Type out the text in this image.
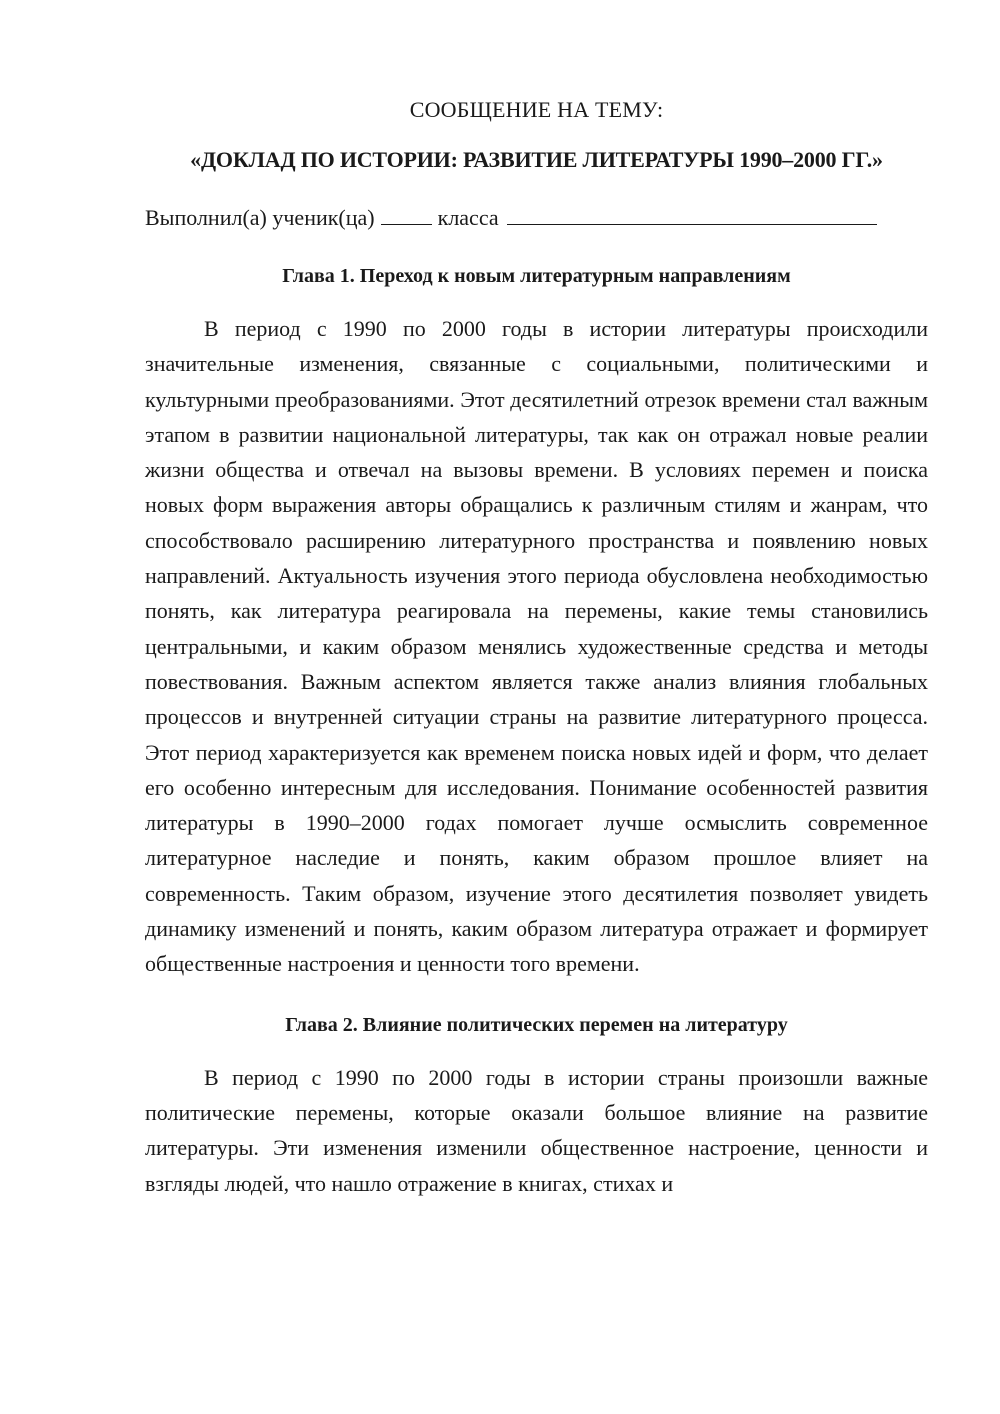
СООБЩЕНИЕ НА ТЕМУ:

«ДОКЛАД ПО ИСТОРИИ: РАЗВИТИЕ ЛИТЕРАТУРЫ 1990–2000 ГГ.»

Выполнил(а) ученик(ца)	класса

Глава 1. Переход к новым литературным направлениям

В период с 1990 по 2000 годы в истории литературы происходили значительные изменения, связанные с социальными, политическими и культурными преобразованиями. Этот десятилетний отрезок времени стал важным этапом в развитии национальной литературы, так как он отражал новые реалии жизни общества и отвечал на вызовы времени. В условиях перемен и поиска новых форм выражения авторы обращались к различным стилям и жанрам, что способствовало расширению литературного пространства и появлению новых направлений. Актуальность изучения этого периода обусловлена необходимостью понять, как литература реагировала на перемены, какие темы становились центральными, и каким образом менялись художественные средства и методы повествования. Важным аспектом является также анализ влияния глобальных процессов и внутренней ситуации страны на развитие литературного процесса. Этот период характеризуется как временем поиска новых идей и форм, что делает его особенно интересным для исследования. Понимание особенностей развития литературы в 1990–2000 годах помогает лучше осмыслить современное литературное наследие и понять, каким образом прошлое влияет на современность. Таким образом, изучение этого десятилетия позволяет увидеть динамику изменений и понять, каким образом литература отражает и формирует общественные настроения и ценности того времени.

Глава 2. Влияние политических перемен на литературу

В период с 1990 по 2000 годы в истории страны произошли важные политические перемены, которые оказали большое влияние на развитие литературы. Эти изменения изменили общественное настроение, ценности и взгляды людей, что нашло отражение в книгах, стихах и
